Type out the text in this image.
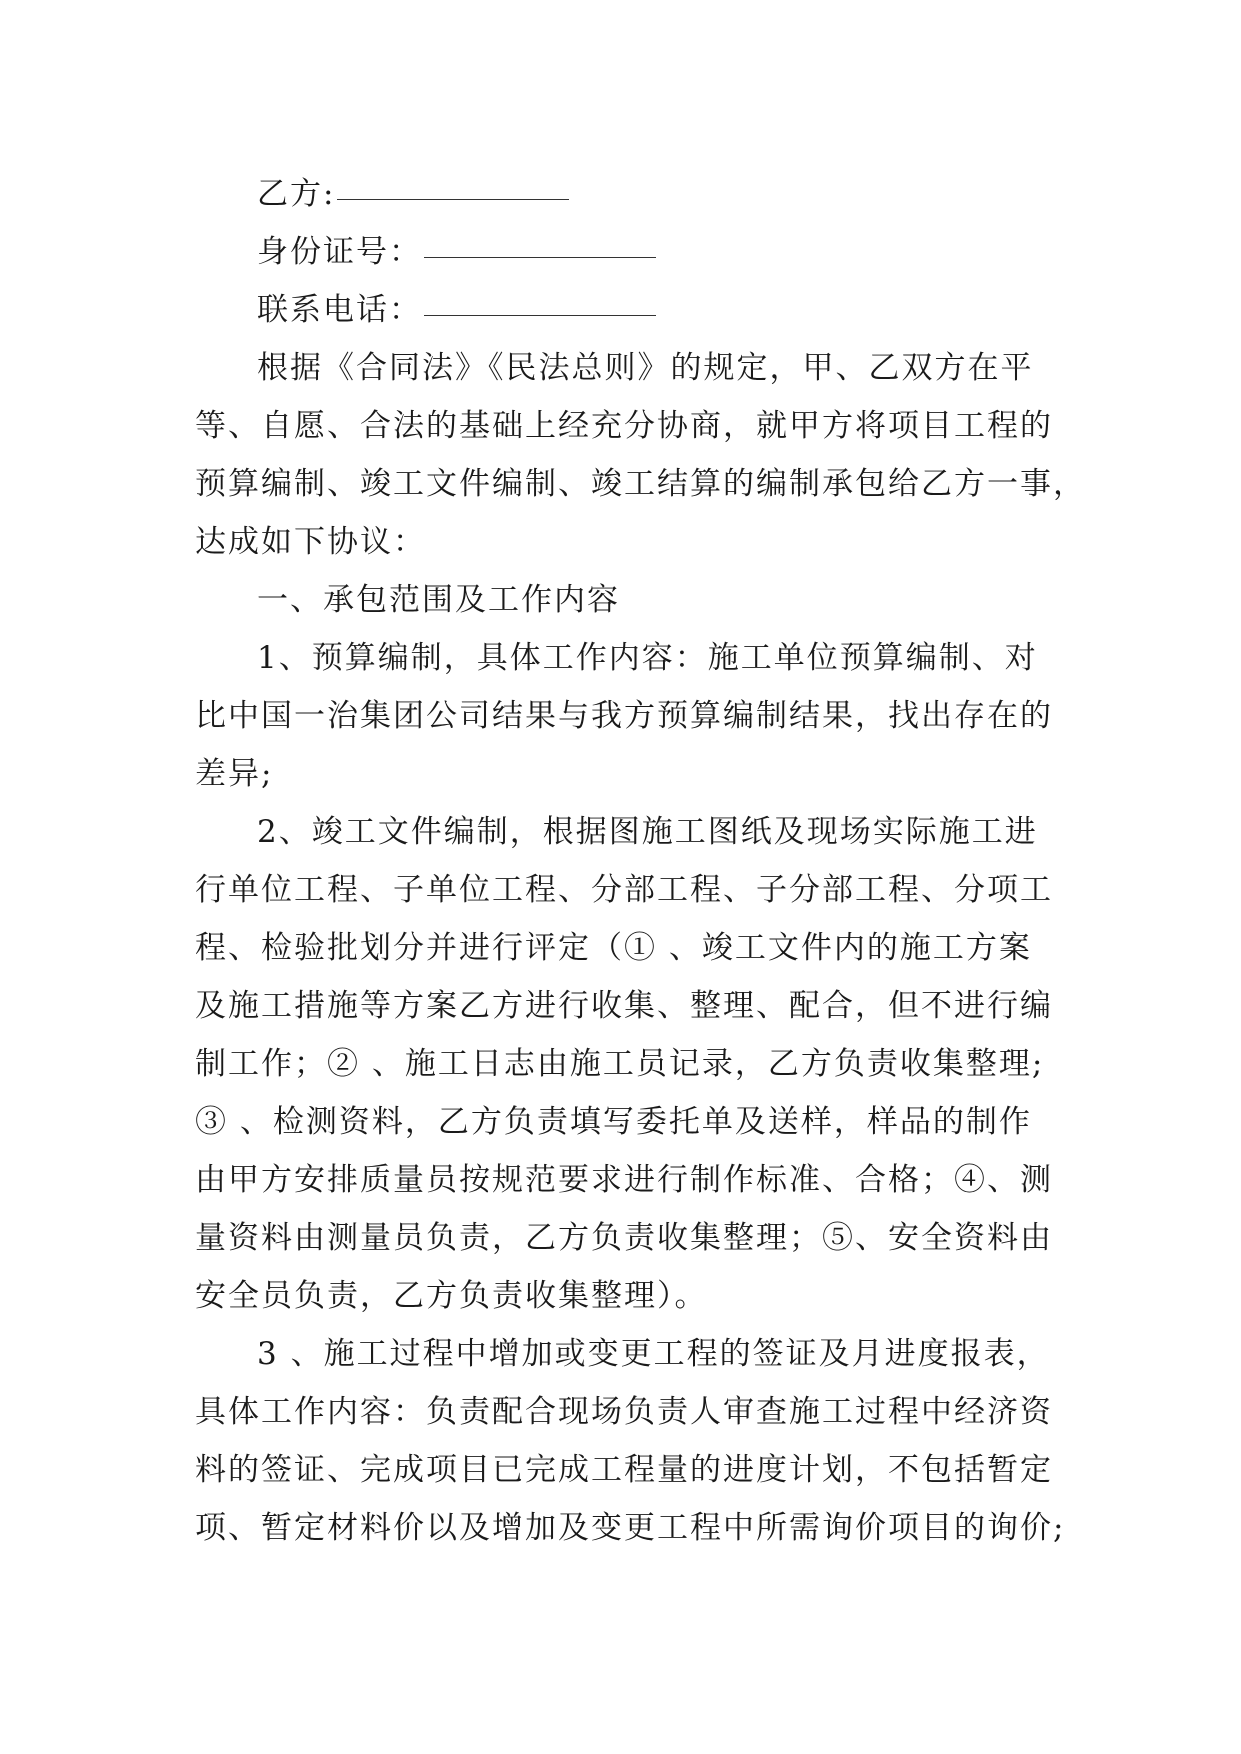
乙方:
身份证号：
联系电话：
根据《合同法》《民法总则》的规定，甲、乙双方在平
等、自愿、合法的基础上经充分协商，就甲方将项目工程的
预算编制、竣工文件编制、竣工结算的编制承包给乙方一事，
达成如下协议：
一、承包范围及工作内容
1、预算编制，具体工作内容：施工单位预算编制、对
比中国一治集团公司结果与我方预算编制结果，找出存在的
差异;
2、竣工文件编制，根据图施工图纸及现场实际施工进
行单位工程、子单位工程、分部工程、子分部工程、分项工
程、检验批划分并进行评定（① 、竣工文件内的施工方案
及施工措施等方案乙方进行收集、整理、配合，但不进行编
制工作；② 、施工日志由施工员记录，乙方负责收集整理;
③ 、检测资料，乙方负责填写委托单及送样，样品的制作
由甲方安排质量员按规范要求进行制作标准、合格；④、测
量资料由测量员负责，乙方负责收集整理；⑤、安全资料由
安全员负责，乙方负责收集整理）。
3 、施工过程中增加或变更工程的签证及月进度报表，
具体工作内容：负责配合现场负责人审查施工过程中经济资
料的签证、完成项目已完成工程量的进度计划，不包括暂定
项、暂定材料价以及增加及变更工程中所需询价项目的询价;
